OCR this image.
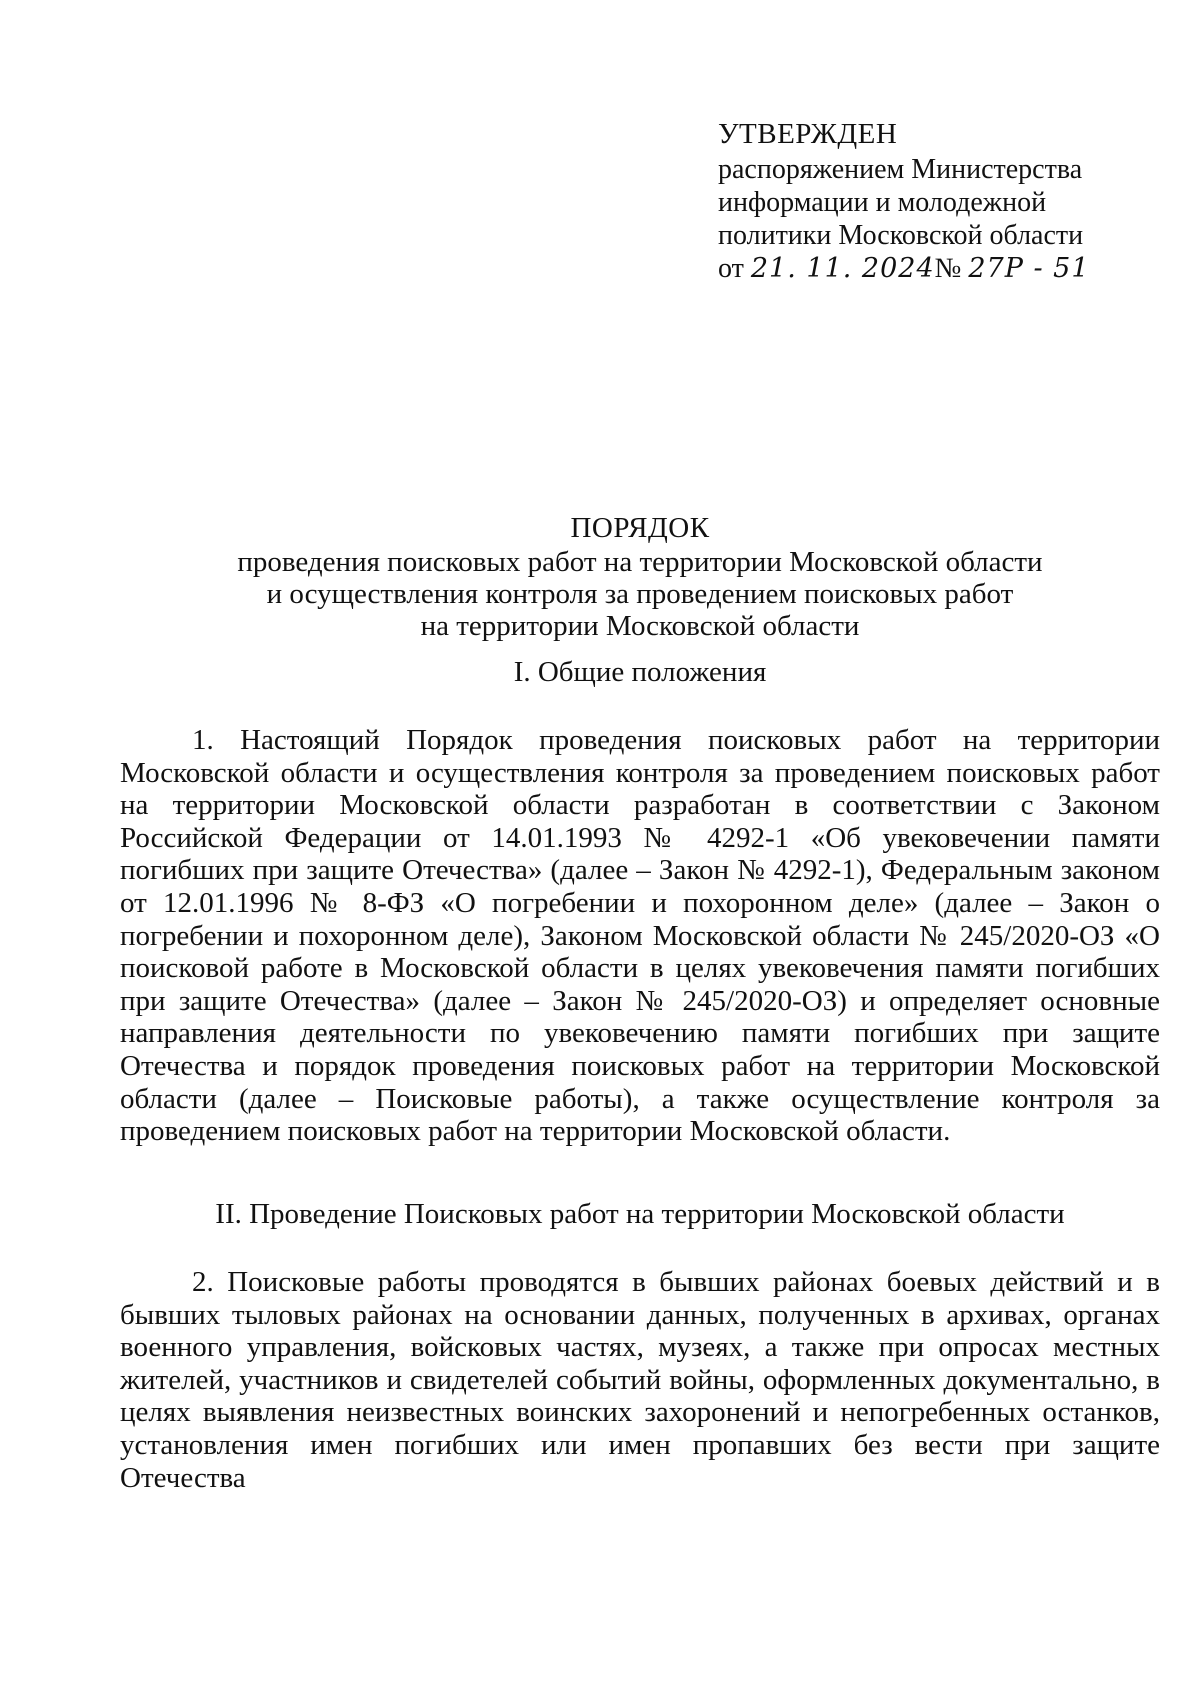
УТВЕРЖДЕН
распоряжением Министерства
информации и молодежной
политики Московской области
от 21. 11. 2024№ 27Р - 51
ПОРЯДОК
проведения поисковых работ на территории Московской области
и осуществления контроля за проведением поисковых работ
на территории Московской области
I. Общие положения
1. Настоящий Порядок проведения поисковых работ на территории Московской области и осуществления контроля за проведением поисковых работ на территории Московской области разработан в соответствии с Законом Российской Федерации от 14.01.1993 № 4292-1 «Об увековечении памяти погибших при защите Отечества» (далее – Закон № 4292-1), Федеральным законом от 12.01.1996 № 8-ФЗ «О погребении и похоронном деле» (далее – Закон о погребении и похоронном деле), Законом Московской области № 245/2020-ОЗ «О поисковой работе в Московской области в целях увековечения памяти погибших при защите Отечества» (далее – Закон № 245/2020-ОЗ) и определяет основные направления деятельности по увековечению памяти погибших при защите Отечества и порядок проведения поисковых работ на территории Московской области (далее – Поисковые работы), а также осуществление контроля за проведением поисковых работ на территории Московской области.
II. Проведение Поисковых работ на территории Московской области
2. Поисковые работы проводятся в бывших районах боевых действий и в бывших тыловых районах на основании данных, полученных в архивах, органах военного управления, войсковых частях, музеях, а также при опросах местных жителей, участников и свидетелей событий войны, оформленных документально, в целях выявления неизвестных воинских захоронений и непогребенных останков, установления имен погибших или имен пропавших без вести при защите Отечества
